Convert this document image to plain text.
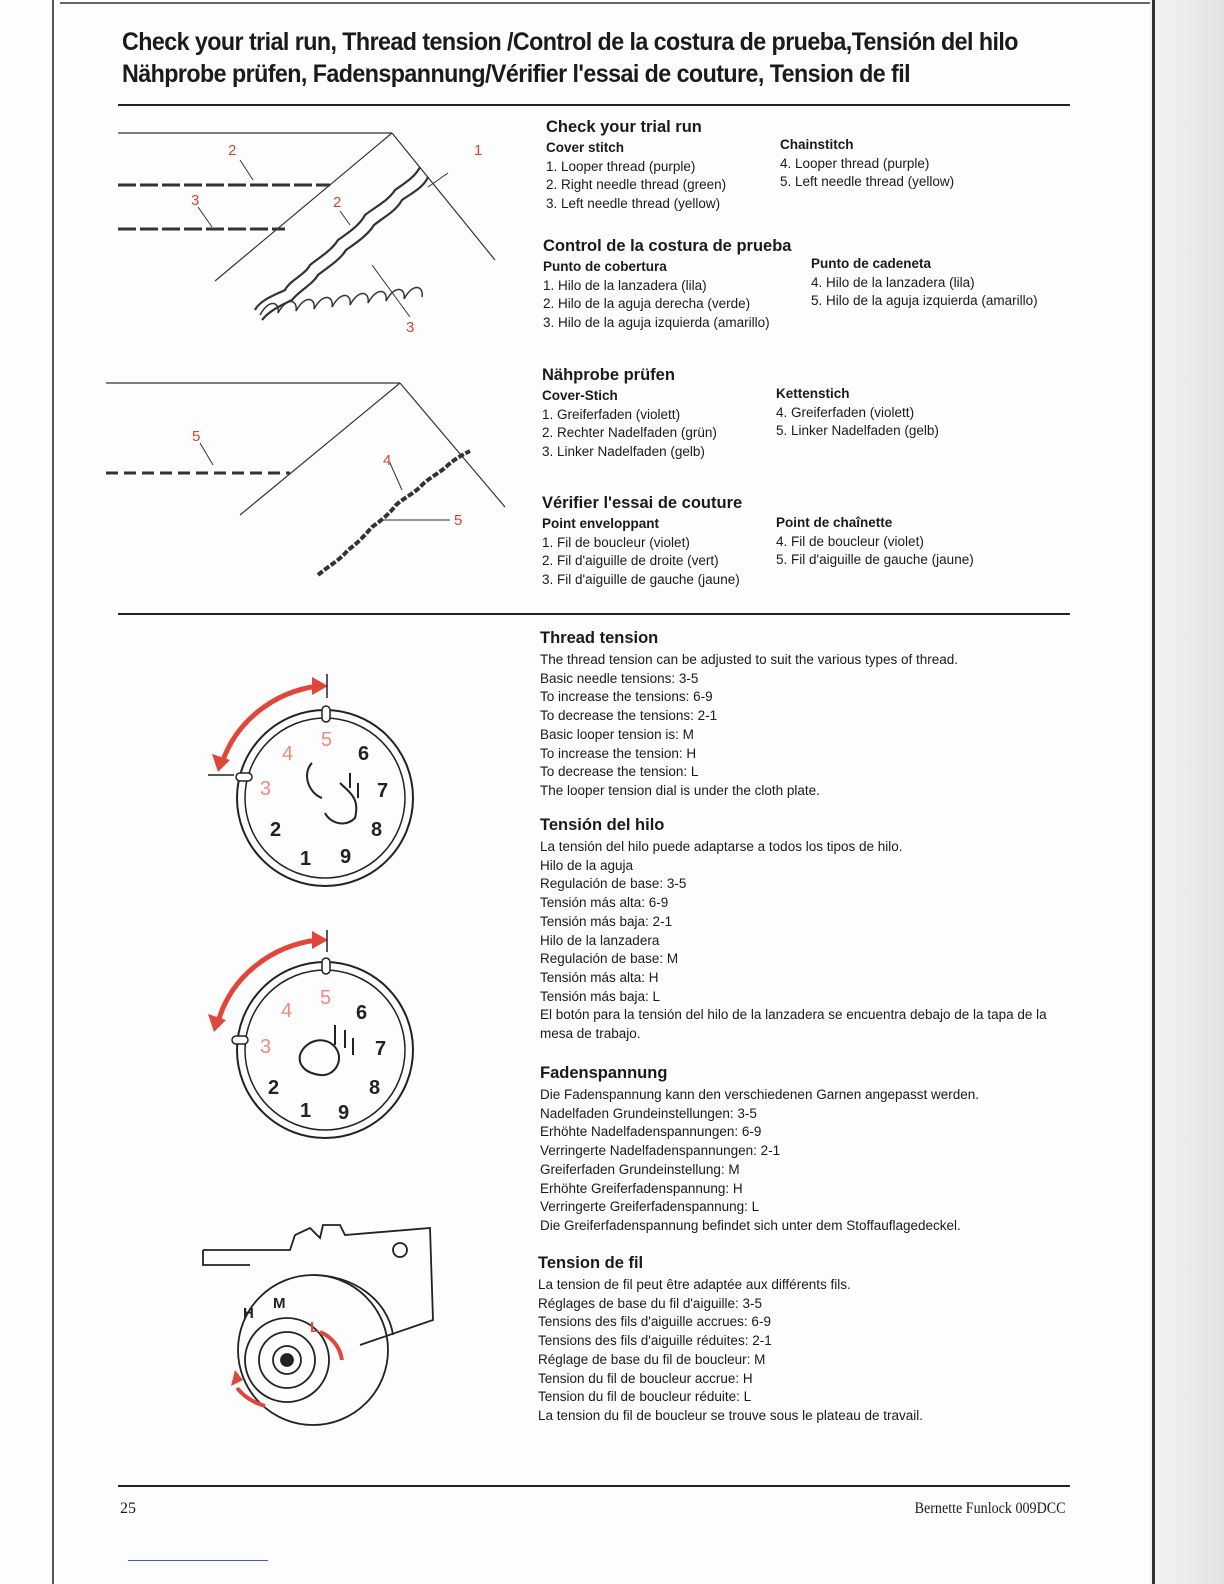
Check your trial run, Thread tension /Control de la costura de prueba,Tensión del hilo
Nähprobe prüfen, Fadenspannung/Vérifier l'essai de couture, Tension de fil
1
2
3	2
3
5
4
5
Check your trial run
Cover stitch
1. Looper thread (purple)
2. Right needle thread (green)
3. Left needle thread (yellow)
Chainstitch
4. Looper thread (purple)
5. Left needle thread (yellow)
Control de la costura de prueba
Punto de cobertura
1. Hilo de la lanzadera (lila)
2. Hilo de la aguja derecha (verde)
3. Hilo de la aguja izquierda (amarillo)
Punto de cadeneta
4. Hilo de la lanzadera (lila)
5. Hilo de la aguja izquierda (amarillo)
Nähprobe prüfen
Cover-Stich
1. Greiferfaden (violett)
2. Rechter Nadelfaden (grün)
3. Linker Nadelfaden (gelb)
Kettenstich
4. Greiferfaden (violett)
5. Linker Nadelfaden (gelb)
Vérifier l'essai de couture
Point enveloppant
1. Fil de boucleur (violet)
2. Fil d'aiguille de droite (vert)
3. Fil d'aiguille de gauche (jaune)
Point de chaînette
4. Fil de boucleur (violet)
5. Fil d'aiguille de gauche (jaune)
1
2
3
4
5
6
7
8
9
1
2
3
4
5
6
7
8
9
H
M
L
Thread tension
The thread tension can be adjusted to suit the various types of thread.
Basic needle tensions: 3-5
To increase the tensions: 6-9
To decrease the tensions: 2-1
Basic looper tension is: M
To increase the tension: H
To decrease the tension: L
The looper tension dial is under the cloth plate.
Tensión del hilo
La tensión del hilo puede adaptarse a todos los tipos de hilo.
Hilo de la aguja
Regulación de base: 3-5
Tensión más alta: 6-9
Tensión más baja: 2-1
Hilo de la lanzadera
Regulación de base: M
Tensión más alta: H
Tensión más baja: L
El botón para la tensión del hilo de la lanzadera se encuentra debajo de la tapa de la mesa de trabajo.
Fadenspannung
Die Fadenspannung kann den verschiedenen Garnen angepasst werden.
Nadelfaden Grundeinstellungen: 3-5
Erhöhte Nadelfadenspannungen: 6-9
Verringerte Nadelfadenspannungen: 2-1
Greiferfaden Grundeinstellung: M
Erhöhte Greiferfadenspannung: H
Verringerte Greiferfadenspannung: L
Die Greiferfadenspannung befindet sich unter dem Stoffauflagedeckel.
Tension de fil
La tension de fil peut être adaptée aux différents fils.
Réglages de base du fil d'aiguille: 3-5
Tensions des fils d'aiguille accrues: 6-9
Tensions des fils d'aiguille réduites: 2-1
Réglage de base du fil de boucleur: M
Tension du fil de boucleur accrue: H
Tension du fil de boucleur réduite: L
La tension du fil de boucleur se trouve sous le plateau de travail.
25	Bernette Funlock 009DCC
